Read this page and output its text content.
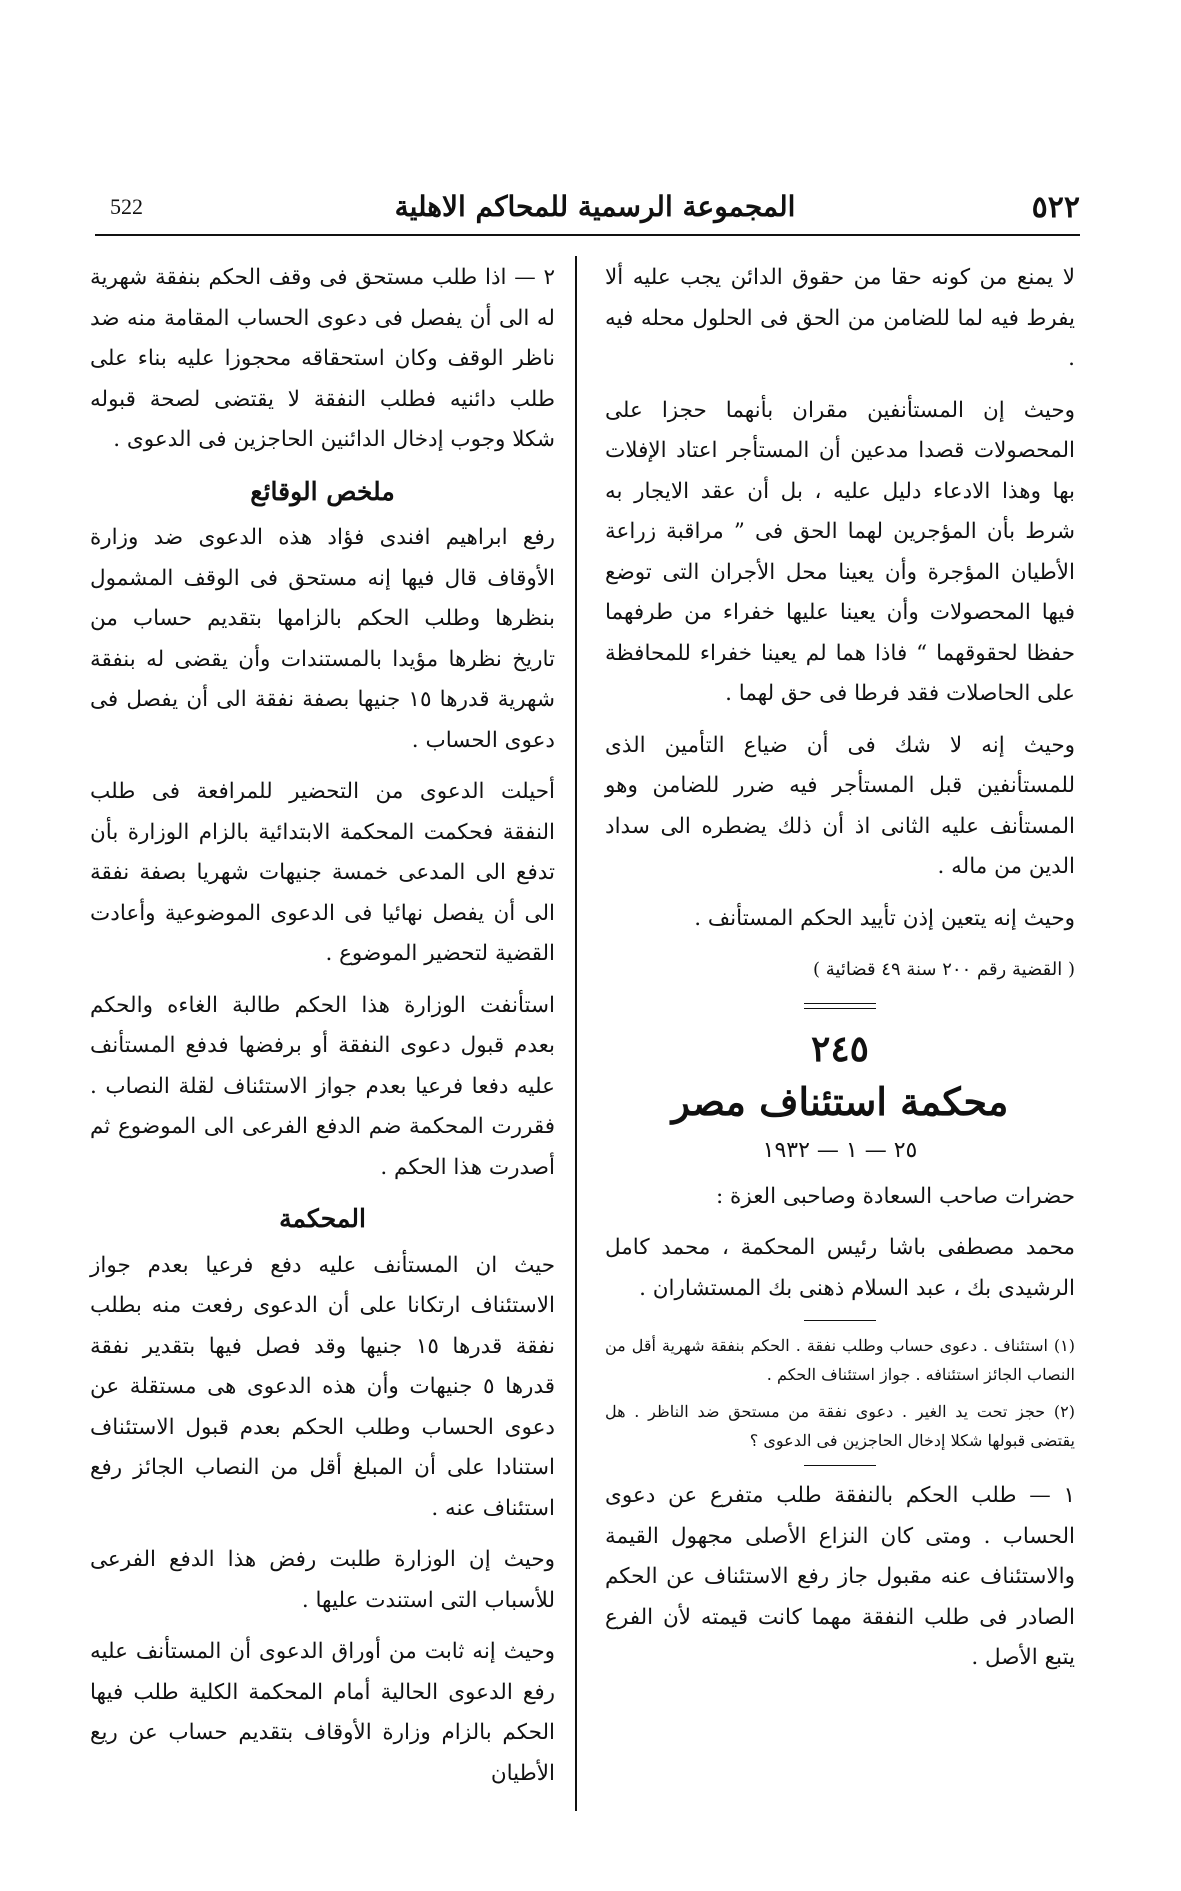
522	المجموعة الرسمية للمحاكم الاهلية	٥٢٢

لا يمنع من كونه حقا من حقوق الدائن يجب عليه ألا يفرط فيه لما للضامن من الحق فى الحلول محله فيه .

وحيث إن المستأنفين مقران بأنهما حجزا على المحصولات قصدا مدعين أن المستأجر اعتاد الإفلات بها وهذا الادعاء دليل عليه ، بل أن عقد الايجار به شرط بأن المؤجرين لهما الحق فى ” مراقبة زراعة الأطيان المؤجرة وأن يعينا محل الأجران التى توضع فيها المحصولات وأن يعينا عليها خفراء من طرفهما حفظا لحقوقهما “ فاذا هما لم يعينا خفراء للمحافظة على الحاصلات فقد فرطا فى حق لهما .

وحيث إنه لا شك فى أن ضياع التأمين الذى للمستأنفين قبل المستأجر فيه ضرر للضامن وهو المستأنف عليه الثانى اذ أن ذلك يضطره الى سداد الدين من ماله .

وحيث إنه يتعين إذن تأييد الحكم المستأنف .

( القضية رقم ٢٠٠ سنة ٤٩ قضائية )

٢٤٥
محكمة استئناف مصر
٢٥ — ١ — ١٩٣٢

حضرات صاحب السعادة وصاحبى العزة :

محمد مصطفى باشا رئيس المحكمة ، محمد كامل الرشيدى بك ، عبد السلام ذهنى بك المستشاران .

(١) استئناف . دعوى حساب وطلب نفقة . الحكم بنفقة شهرية أقل من النصاب الجائز استئنافه . جواز استئناف الحكم .

(٢) حجز تحت يد الغير . دعوى نفقة من مستحق ضد الناظر . هل يقتضى قبولها شكلا إدخال الحاجزين فى الدعوى ؟

١ — طلب الحكم بالنفقة طلب متفرع عن دعوى الحساب . ومتى كان النزاع الأصلى مجهول القيمة والاستئناف عنه مقبول جاز رفع الاستئناف عن الحكم الصادر فى طلب النفقة مهما كانت قيمته لأن الفرع يتبع الأصل .

٢ — اذا طلب مستحق فى وقف الحكم بنفقة شهرية له الى أن يفصل فى دعوى الحساب المقامة منه ضد ناظر الوقف وكان استحقاقه محجوزا عليه بناء على طلب دائنيه فطلب النفقة لا يقتضى لصحة قبوله شكلا وجوب إدخال الدائنين الحاجزين فى الدعوى .

ملخص الوقائع

رفع ابراهيم افندى فؤاد هذه الدعوى ضد وزارة الأوقاف قال فيها إنه مستحق فى الوقف المشمول بنظرها وطلب الحكم بالزامها بتقديم حساب من تاريخ نظرها مؤيدا بالمستندات وأن يقضى له بنفقة شهرية قدرها ١٥ جنيها بصفة نفقة الى أن يفصل فى دعوى الحساب .

أحيلت الدعوى من التحضير للمرافعة فى طلب النفقة فحكمت المحكمة الابتدائية بالزام الوزارة بأن تدفع الى المدعى خمسة جنيهات شهريا بصفة نفقة الى أن يفصل نهائيا فى الدعوى الموضوعية وأعادت القضية لتحضير الموضوع .

استأنفت الوزارة هذا الحكم طالبة الغاءه والحكم بعدم قبول دعوى النفقة أو برفضها فدفع المستأنف عليه دفعا فرعيا بعدم جواز الاستئناف لقلة النصاب . فقررت المحكمة ضم الدفع الفرعى الى الموضوع ثم أصدرت هذا الحكم .

المحكمة

حيث ان المستأنف عليه دفع فرعيا بعدم جواز الاستئناف ارتكانا على أن الدعوى رفعت منه بطلب نفقة قدرها ١٥ جنيها وقد فصل فيها بتقدير نفقة قدرها ٥ جنيهات وأن هذه الدعوى هى مستقلة عن دعوى الحساب وطلب الحكم بعدم قبول الاستئناف استنادا على أن المبلغ أقل من النصاب الجائز رفع استئناف عنه .

وحيث إن الوزارة طلبت رفض هذا الدفع الفرعى للأسباب التى استندت عليها .

وحيث إنه ثابت من أوراق الدعوى أن المستأنف عليه رفع الدعوى الحالية أمام المحكمة الكلية طلب فيها الحكم بالزام وزارة الأوقاف بتقديم حساب عن ريع الأطيان
